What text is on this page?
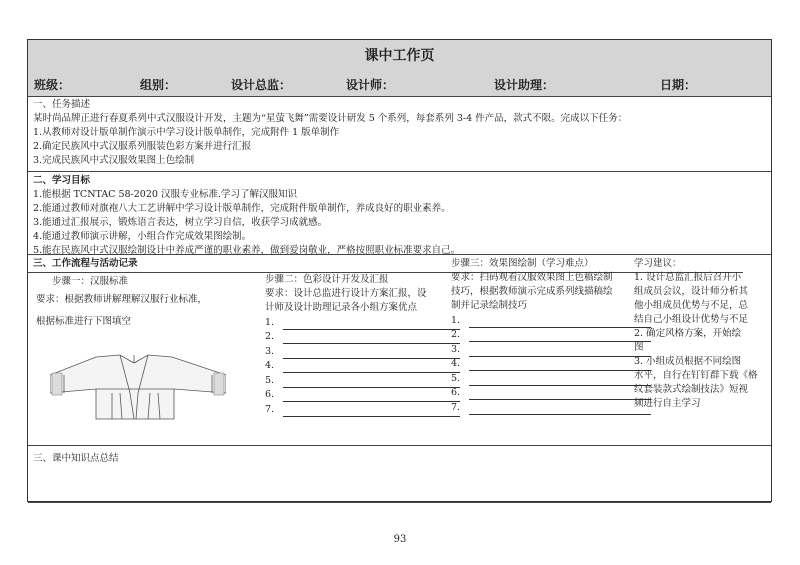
课中工作页
班级：	组别：	设计总监：	设计师：	设计助理：	日期：
一、任务描述
某时尚品牌正进行春夏系列中式汉服设计开发，主题为“星萤飞舞”需要设计研发 5 个系列，每套系列 3-4 件产品，款式不限。完成以下任务：
1.从教师对设计版单制作演示中学习设计版单制作，完成附件 1 版单制作
2.确定民族风中式汉服系列服装色彩方案并进行汇报
3.完成民族风中式汉服效果图上色绘制
二、学习目标
1.能根据 TCNTAC 58-2020 汉服专业标准.学习了解汉服知识
2.能通过教师对旗袍八大工艺讲解中学习设计版单制作，完成附件版单制作，养成良好的职业素养。
3.能通过汇报展示，锻炼语言表达，树立学习自信，收获学习成就感。
4.能通过教师演示讲解，小组合作完成效果图绘制。
5.能在民族风中式汉服绘制设计中养成严谨的职业素养，做到爱岗敬业，严格按照职业标准要求自己。
三、工作流程与活动记录
步骤一：汉服标准
要求：根据教师讲解理解汉服行业标准，
根据标准进行下图填空
步骤二：色彩设计开发及汇报
要求：设计总监进行设计方案汇报，设
计师及设计助理记录各小组方案优点
1.
2.
3.
4.
5.
6.
7.
步骤三：效果图绘制（学习难点）
要求：扫码观看汉服效果图上色稿绘制
技巧，根据教师演示完成系列线描稿绘
制并记录绘制技巧
1.
2.
3.
4.
5.
6.
7.
学习建议：
1. 设计总监汇报后召开小
组成员会议，设计师分析其
他小组成员优势与不足，总
结自己小组设计优势与不足
2. 确定风格方案，开始绘
图
3. 小组成员根据不同绘图
水平，自行在钉钉群下载《格
纹套装款式绘制技法》短视
频进行自主学习
三、课中知识点总结
93
